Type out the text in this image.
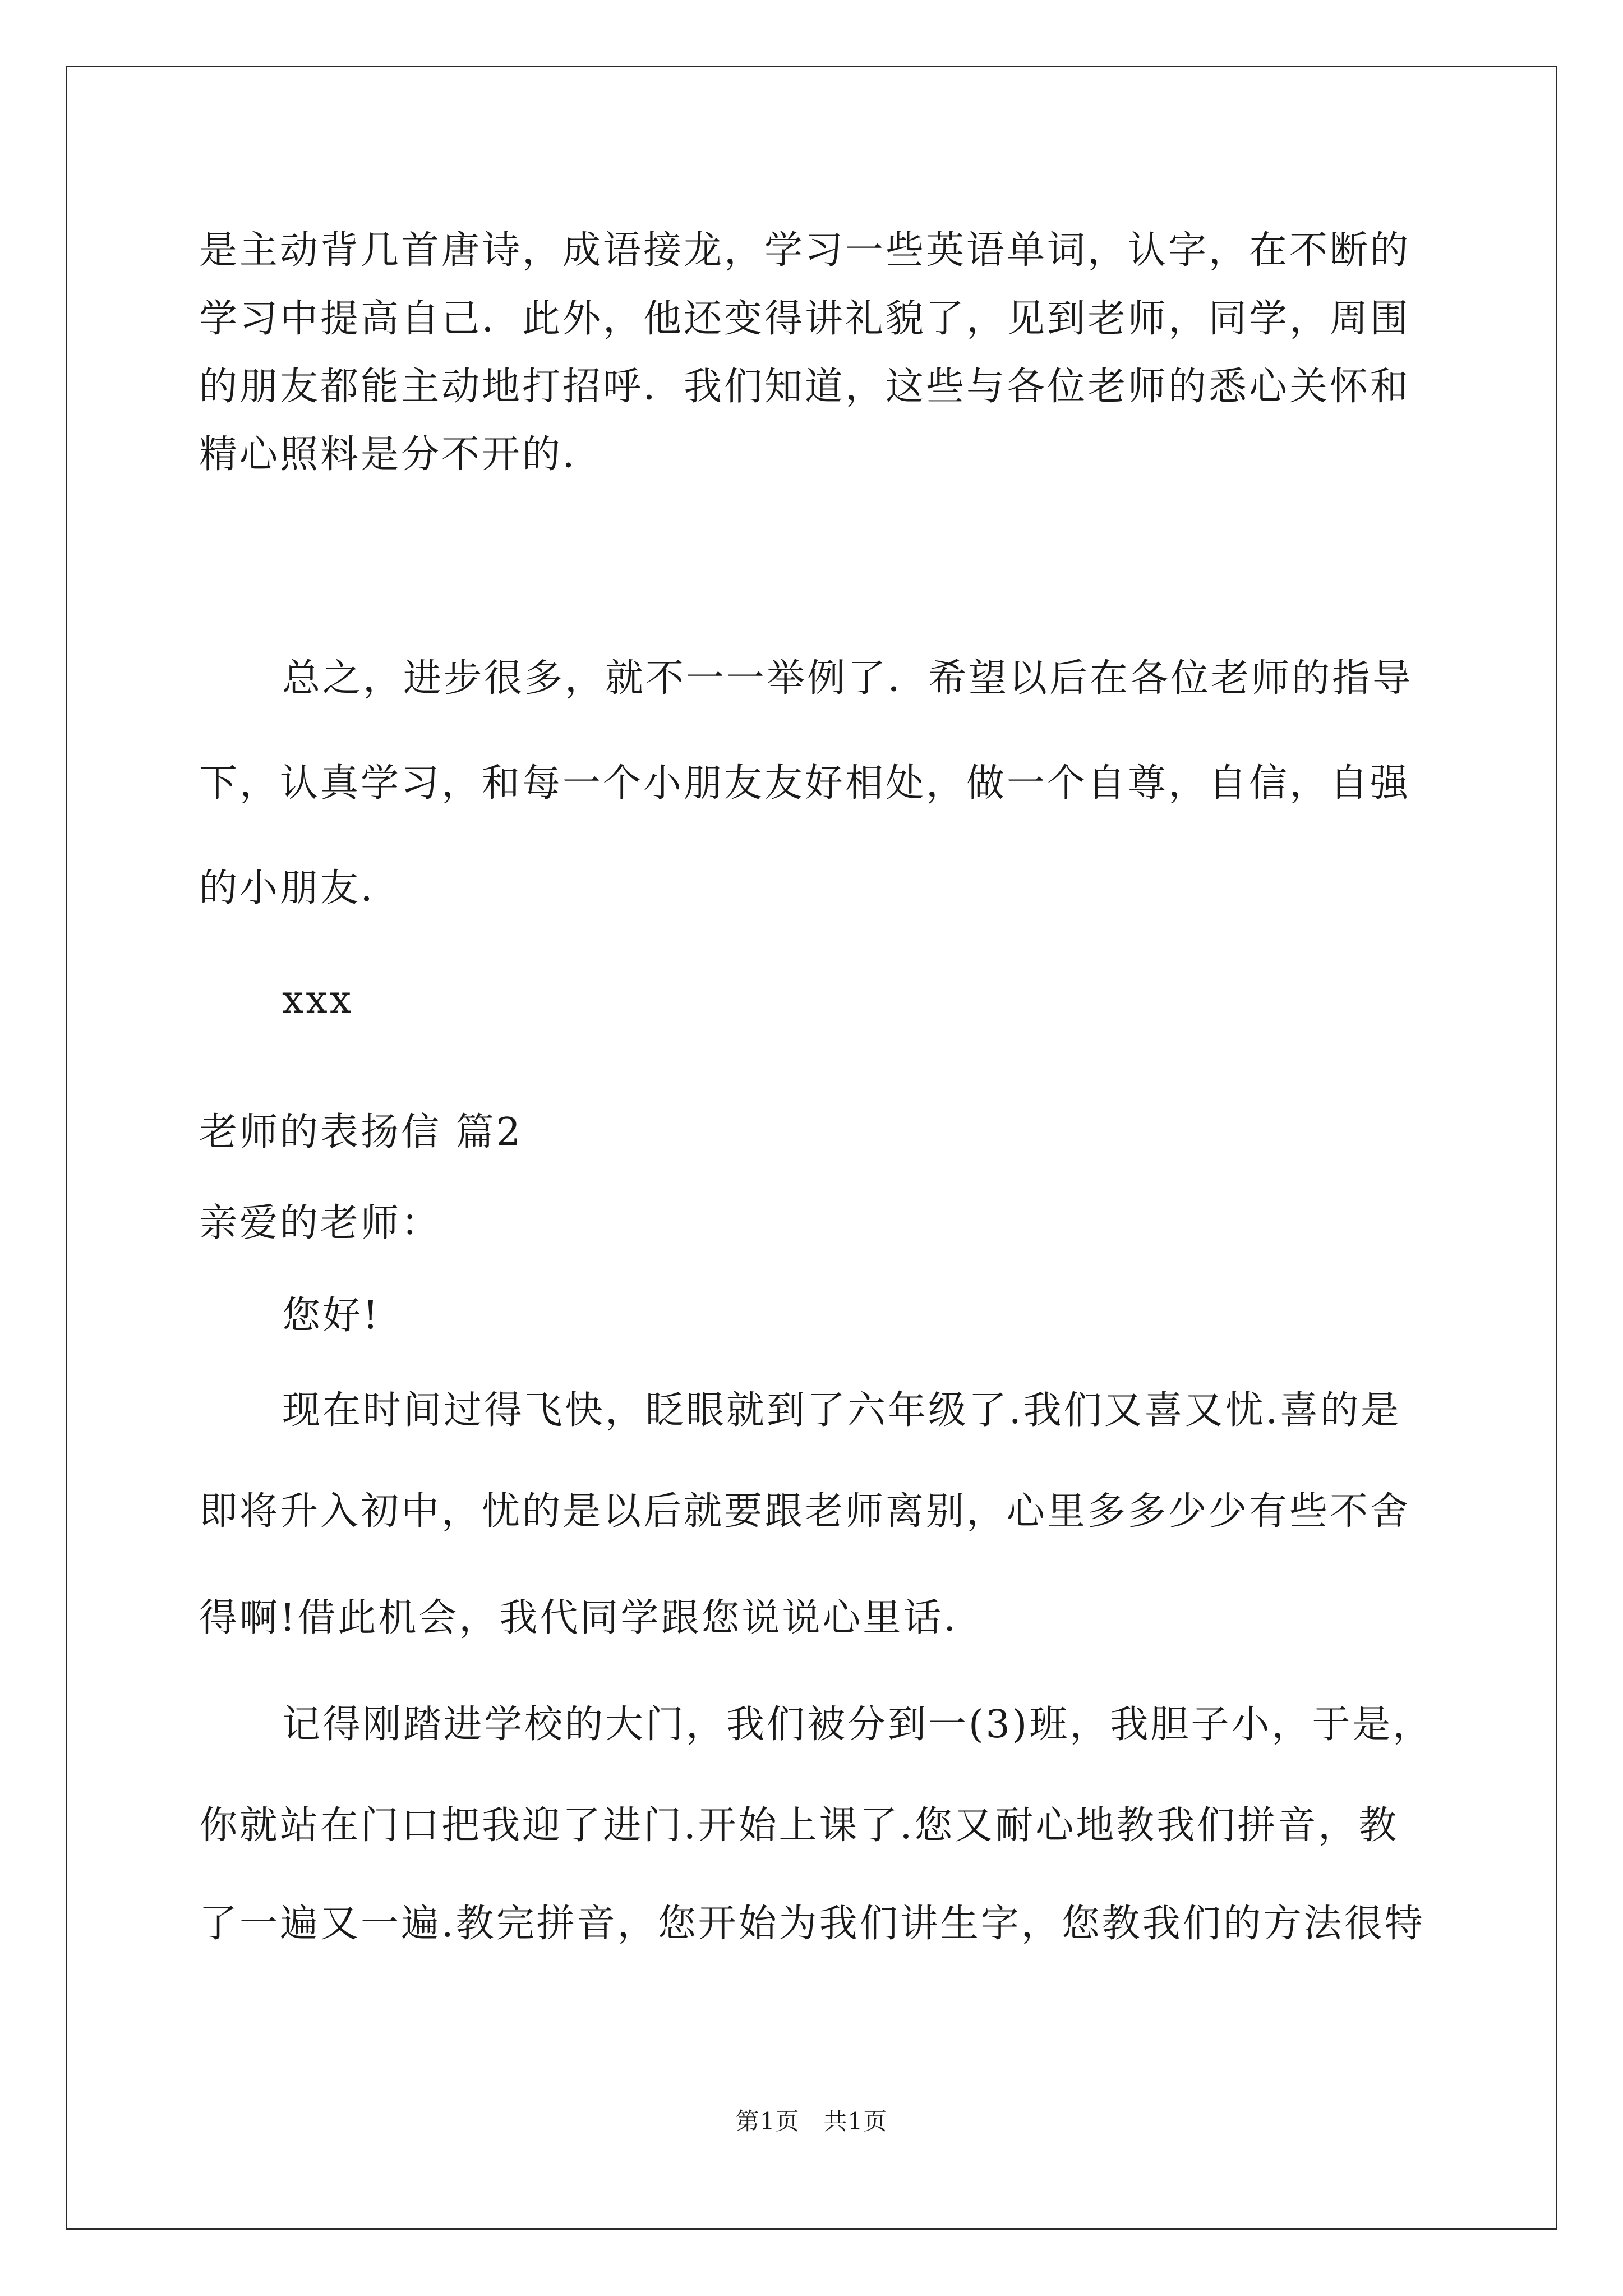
是主动背几首唐诗，成语接龙，学习一些英语单词，认字，在不断的
学习中提高自己．此外，他还变得讲礼貌了，见到老师，同学，周围
的朋友都能主动地打招呼．我们知道，这些与各位老师的悉心关怀和
精心照料是分不开的．
总之，进步很多，就不一一举例了．希望以后在各位老师的指导
下，认真学习，和每一个小朋友友好相处，做一个自尊，自信，自强
的小朋友．
xxx
老师的表扬信 篇2
亲爱的老师：
您好!
现在时间过得飞快，眨眼就到了六年级了.我们又喜又忧.喜的是
即将升入初中，忧的是以后就要跟老师离别，心里多多少少有些不舍
得啊!借此机会，我代同学跟您说说心里话.
记得刚踏进学校的大门，我们被分到一(3)班，我胆子小，于是，
你就站在门口把我迎了进门.开始上课了.您又耐心地教我们拼音，教
了一遍又一遍.教完拼音，您开始为我们讲生字，您教我们的方法很特
第1页　共1页
